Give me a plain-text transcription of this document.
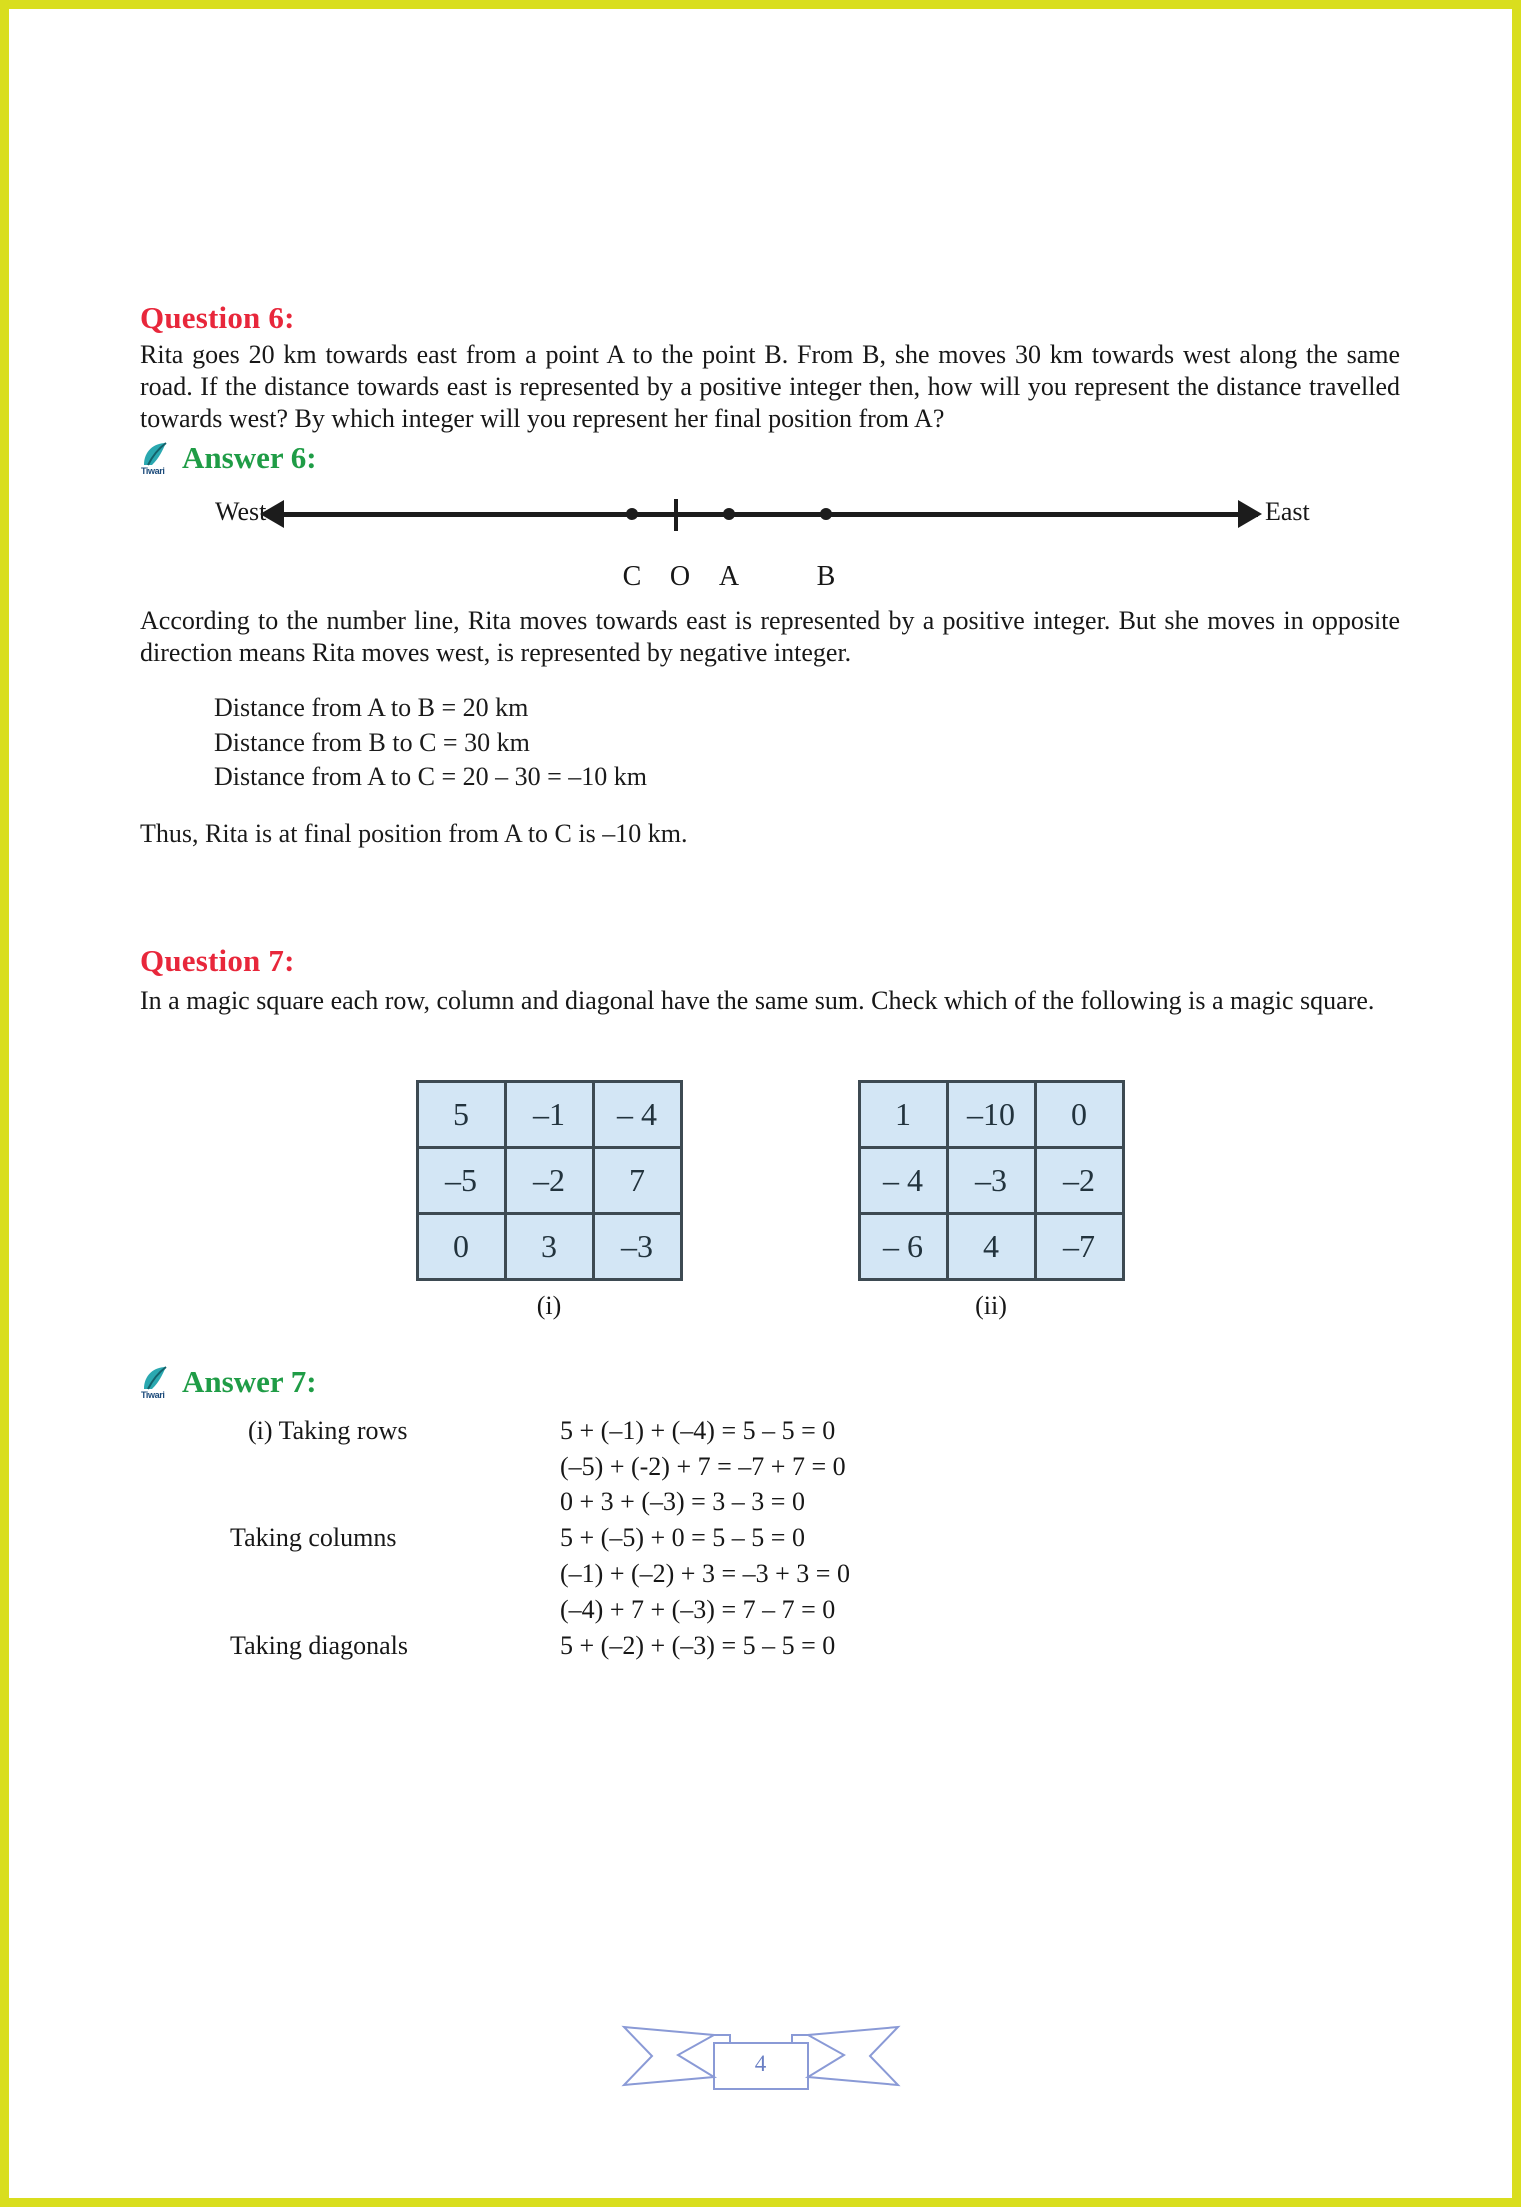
Question 6:
Rita goes 20 km towards east from a point A to the point B. From B, she moves 30 km towards west along the same road. If the distance towards east is represented by a positive integer then, how will you represent the distance travelled towards west? By which integer will you represent her final position from A?
Tiwari Answer 6:
West	East
C O A	B
According to the number line, Rita moves towards east is represented by a positive integer. But she moves in opposite direction means Rita moves west, is represented by negative integer.
Distance from A to B = 20 km
Distance from B to C = 30 km
Distance from A to C = 20 – 30 = –10 km
Thus, Rita is at final position from A to C is –10 km.
Question 7:
In a magic square each row, column and diagonal have the same sum. Check which of the following is a magic square.
5	–1	– 4
–5	–2	7
0	3	–3
(i)
1	–10	0
– 4	–3	–2
– 6	4	–7
(ii)
Tiwari Answer 7:
(i) Taking rows	5 + (–1) + (–4) = 5 – 5 = 0
(–5) + (-2) + 7 = –7 + 7 = 0
0 + 3 + (–3) = 3 – 3 = 0
Taking columns	5 + (–5) + 0 = 5 – 5 = 0
(–1) + (–2) + 3 = –3 + 3 = 0
(–4) + 7 + (–3) = 7 – 7 = 0
Taking diagonals	5 + (–2) + (–3) = 5 – 5 = 0
4
